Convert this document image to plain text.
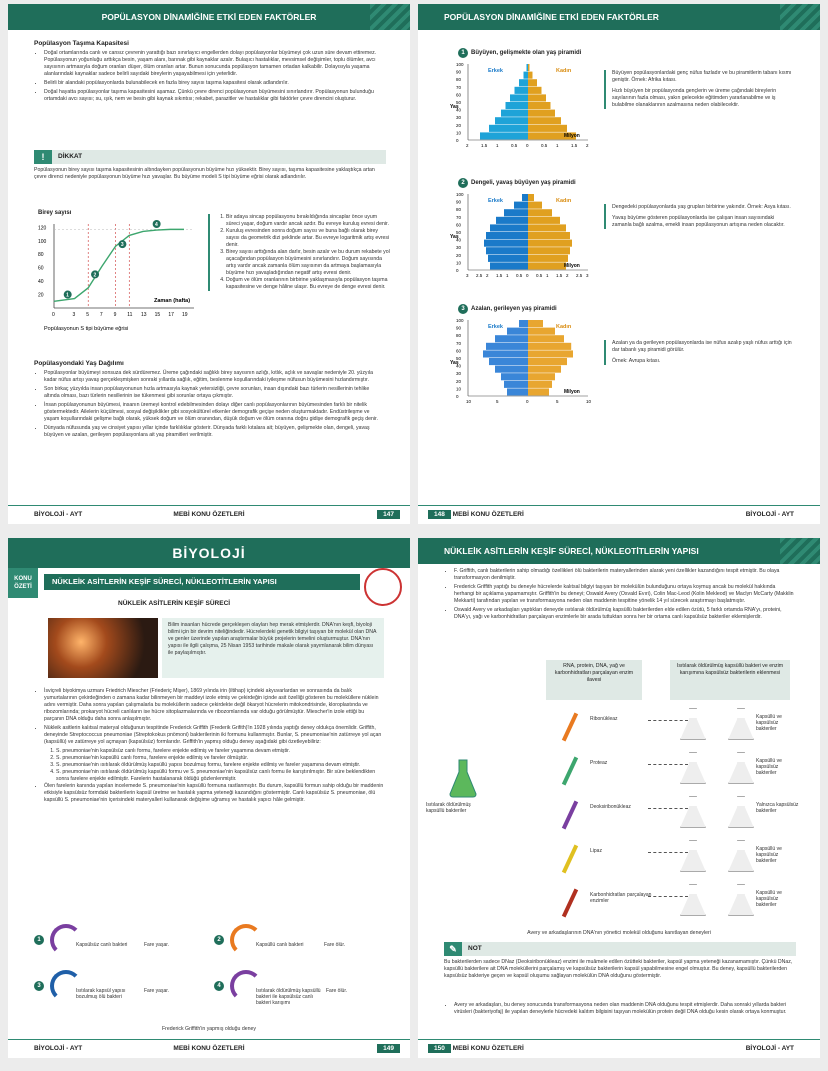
POPÜLASYON DİNAMİĞİNE ETKİ EDEN FAKTÖRLER
Popülasyon Taşıma Kapasitesi
• Doğal ortamlarında canlı ve cansız çevrenin yarattığı bazı sınırlayıcı engellerden dolayı popülasyonlar büyümeyi çok uzun süre devam ettiremez. Popülasyonun yoğunluğu arttıkça besin, yaşam alanı, barınak gibi kaynaklar azalır. Bulaşıcı hastalıklar, mevsimsel değişimler, toplu ölümler, avcı sayısının artmasıyla doğum oranları düşer, ölüm oranları artar. Bunun sonucunda popülasyon tamamen ortadan kalkabilir. Dolayısıyla yaşama alanlarındaki kaynaklar sadece belirli sayıdaki bireylerin yaşayabilmesi için yeterlidir.
• Belirli bir alandaki popülasyonlarda bulunabilecek en fazla birey sayısı taşıma kapasitesi olarak adlandırılır.
• Doğal hayatta popülasyonlar taşıma kapasitesini aşamaz. Çünkü çevre direnci popülasyonun büyümesini sınırlandırır. Popülasyonun bulunduğu ortamdaki avcı sayısı; su, ışık, nem ve besin gibi kaynak sıkıntısı; rekabet, parazitler ve hastalıklar gibi faktörler çevre direncini oluşturur.
!	DİKKAT
Popülasyonun birey sayısı taşıma kapasitesinin altındayken popülasyonun büyüme hızı yüksektir. Birey sayısı, taşıma kapasitesine yaklaştıkça artan çevre direnci nedeniyle popülasyonun büyüme hızı yavaşlar. Bu büyüme modeli S tipi büyüme eğrisi olarak adlandırılır.
Birey sayısı
0	3 5 7 9 11 13 15 17 19
20
40
60
80
100
120
1
2
3
4
Zaman (hafta)
Popülasyonun S tipi büyüme eğrisi
1. Bir adaya sincap popülasyonu bırakıldığında sincaplar önce uyum süreci yaşar, doğum vardır ancak azdır. Bu evreye kuruluş evresi denir.
2. Kuruluş evresinden sonra doğum sayısı ve buna bağlı olarak birey sayısı da geometrik dizi şeklinde artar. Bu evreye logaritmik artış evresi denir.
3. Birey sayısı arttığında alan darlır, besin azalır ve bu durum rekabete yol açacağından popülasyon büyümesini sınırlandırır. Doğum sayısında artış vardır ancak zamanla ölüm sayısının da artmaya başlamasıyla büyüme hızı yavaşladığından negatif artış evresi denir.
4. Doğum ve ölüm oranlarının birbirine yaklaşmasıyla popülasyon taşıma kapasitesine ve denge hâline ulaşır. Bu evreye de denge evresi denir.
Popülasyondaki Yaş Dağılımı
• Popülasyonlar büyümeyi sonsuza dek sürdüremez. Üreme çağındaki sağlıklı birey sayısının azlığı, kıtlık, açlık ve savaşlar nedeniyle 20. yüzyıla kadar nüfus artışı yavaş gerçekleşmişken sonraki yıllarda sağlık, eğitim, beslenme koşullarındaki iyileşme nüfusun büyümesini hızlandırmıştır.
• Son birkaç yüzyılda insan popülasyonunun hızla artmasıyla kaynak yetersizliği, çevre sorunları, insan dışındaki bazı türlerin nesillerinin tehlike altında olması, bazı türlerin nesillerinin ise tükenmesi gibi sorunlar ortaya çıkmıştır.
• İnsan popülasyonunun büyümesi, insanın üremeyi kontrol edebilmesinden dolayı diğer canlı popülasyonlarının büyümesinden farklı bir nitelik göstermektedir. Ailelerin küçülmesi, sosyal değişiklikler gibi sosyokültürel etkenler demografik geçişe neden oluşturmaktadır. Endüstrileşme ve yaşam koşullarındaki gelişme bağlı olarak, yüksek doğum ve ölüm oranından, düşük doğum ve ölüm oranına doğru gidişe demografik geçiş denir.
• Dünyada nüfusunda yaş ve cinsiyet yapısı yıllar içinde farklılıklar gösterir. Dünyada farklı kıtalara ait; büyüyen, gelişmekte olan, dengeli, yavaş büyüyen ve azalan, gerileyen popülasyonlara ait yaş piramitleri verilmiştir.
BİYOLOJİ - AYT	MEBİ KONU ÖZETLERİ	147
POPÜLASYON DİNAMİĞİNE ETKİ EDEN FAKTÖRLER
1 Büyüyen, gelişmekte olan yaş piramidi
0
10
20
30
40
50
60
70
80
90
100
2	1.5 1	0.5 0	0.5 1	1.5 2
Erkek	Kadın
Yaş
Milyon
Büyüyen popülasyonlardaki genç nüfus fazladır ve bu piramitlerin tabanı kısmı geniştir. Örnek: Afrika kıtası.
Hızlı büyüyen bir popülasyonda gençlerin ve üreme çağındaki bireylerin sayılarının fazla olması, yakın gelecekte eğitimden yararlanabilme ve iş bulabilme olanaklarının azalmasına neden olabilecektir.
2 Dengeli, yavaş büyüyen yaş piramidi
0
10
20
30
40
50
60
70
80
90
100
3 2.5 2 1.5 1 0.5 0 0.5 1 1.5 2 2.5 3
Erkek	Kadın
Yaş
Milyon
Dengedeki popülasyonlarda yaş grupları birbirine yakındır. Örnek: Asya kıtası.
Yavaş büyüme gösteren popülasyonlarda ise çalışan insan sayısındaki zamanla bağlı azalma, emekli insan popülasyonun artışına neden olacaktır.
3 Azalan, gerileyen yaş piramidi
0
10
20
30
40
50
60
70
80
90
100
10	5	0	5	10
Erkek	Kadın
Yaş
Milyon
Azalan ya da gerileyen popülasyonlarda ise nüfus azalıp yaşlı nüfus arttığı için dar tabanlı yaş piramidi görülür.
Örnek: Avrupa kıtası.
148 MEBİ KONU ÖZETLERİ	BİYOLOJİ - AYT
BİYOLOJİ
KONU
ÖZETİ
NÜKLEİK ASİTLERİN KEŞİF SÜRECİ, NÜKLEOTİTLERİN YAPISI
NÜKLEİK ASİTLERİN KEŞİF SÜRECİ
Bilim insanları hücrede gerçekleşen olayları hep merak etmişlerdir. DNA'nın keşfi, biyoloji bilimi için bir devrim niteliğindedir. Hücrelerdeki genetik bilgiyi taşıyan bir molekül olan DNA ve genler üzerinde yapılan araştırmalar büyük projelerin temelini oluşturmuştur. DNA'nın yapısı ile ilgili çalışma, 25 Nisan 1953 tarihinde makale olarak yayımlanarak bilim dünyası ile paylaşılmıştır.
• İsviçreli biyokimya uzmanı Friedrich Miescher (Friederiç Mişer), 1869 yılında irin (iltihap) içindeki akyuvarlardan ve sonrasında da balık yumurtalarının çekirdeğinden o zamana kadar bilinmeyen bir maddeyi izole etmiş ve çekirdeğin içinde asit özelliği gösteren bu moleküllere nüklein adını vermiştir. Daha sonra yapılan çalışmalarla bu moleküllerin sadece çekirdekte değil ökaryot hücrelerin mitokondrisinde, kloroplastında ve ribozomlarında; prokaryot hücreli canlıların ise hücre sitoplazmalarında ve ribozomlarında var olduğu görülmüştür. Miescher'in izole ettiği bu parçanın DNA olduğu daha sonra anlaşılmıştır.
• Nükleik asitlerin kalıtsal materyal olduğunun tespitinde Frederick Griffith (Frederik Grifith)'in 1928 yılında yaptığı deney oldukça önemlidir. Griffith, deneyinde Streptococcus pneumoniae (Streptokokus pnömoni) bakterilerinin iki formunu kullanmıştır. Bunlar, S. pneumoniae'nin zatürreye yol açan (kapsüllü) ve zatürreye yol açmayan (kapsülsüz) formlarıdır. Griffith'in yapmış olduğu deney aşağıdaki gibi özetleyebiliriz:
1. S. pneumoniae'nin kapsülsüz canlı formu, farelere enjekte edilmiş ve fareler yaşamına devam etmiştir.
2. S. pneumoniae'nin kapsüllü canlı formu, farelere enjekte edilmiş ve fareler ölmüştür.
3. S. pneumoniae'nin ısıtılarak öldürülmüş kapsüllü yapısı bozulmuş formu, farelere enjekte edilmiş ve fareler yaşamına devam etmiştir.
4. S. pneumoniae'nin ısıtılarak öldürülmüş kapsüllü formu ve S. pneumoniae'nin kapsülsüz canlı formu ile karıştırılmıştır. Bir süre beklendikten sonra farelere enjekte edilmiştir. Farelerin hastalanarak öldüğü gözlenlenmiştir.
• Ölen farelerin kanında yapılan incelemede S. pneumoniae'nin kapsüllü formuna rastlanmıştır. Bu durum, kapsüllü formun sahip olduğu bir maddenin etkisiyle kapsülsüz formdaki bakterilerin kapsül üretme ve hastalık yapma yeteneği kazandığını göstermiştir. Canlı kapsülsüz S. pneumoniae, ölü kapsüllü S. pneumoniae'nin içerisindeki materyalleri kullanarak değişime uğramış ve hastalık yapıcı hâle gelmiştir.
1
Kapsülsüz canlı bakteri	Fare yaşar.
2
Kapsüllü canlı bakteri	Fare ölür.
3
Isıtılarak kapsül yapısı bozulmuş ölü bakteri
Fare yaşar.
4
Isıtılarak öldürülmüş kapsüllü bakteri ile kapsülsüz canlı bakteri karışımı
Fare ölür.
Frederick Griffith'in yapmış olduğu deney
BİYOLOJİ - AYT	MEBİ KONU ÖZETLERİ	149
NÜKLEİK ASİTLERİN KEŞİF SÜRECİ, NÜKLEOTİTLERİN YAPISI
• F. Griffith, canlı bakterilerin sahip olmadığı özellikleri ölü bakterilerin materyallerinden alarak yeni özellikler kazandığını tespit etmiştir. Bu olaya transformasyon denilmiştir.
• Frederick Griffith yaptığı bu deneyle hücrelerde kalıtsal bilgiyi taşıyan bir molekülün bulunduğunu ortaya koymuş ancak bu molekül hakkında herhangi bir açıklama yapamamıştır. Griffith'in bu deneyi; Oswald Avery (Osvald Evıri), Colin Mac-Leod (Kolin Mekleod) ve Maclyn McCarty (Makklin Mekkarti) tarafından yapılan ve transformasyona neden olan maddenin tespitine yönelik 14 yıl sürecek araştırmayı başlatmıştır.
• Oswald Avery ve arkadaşları yaptıkları deneyde ısıtılarak öldürülmüş kapsüllü bakterilerden elde edilen özütü, 5 farklı ortamda RNA'yı, proteini, DNA'yı, yağı ve karbonhidratları parçalayan enzimlerle bir arada tuttuktan sonra her bir ortama canlı kapsülsüz bakteriler eklemişlerdir.
RNA, protein, DNA, yağ ve karbonhidratları parçalayan enzim ilavesi
Isıtılarak öldürülmüş kapsüllü bakteri ve enzim karışımına kapsülsüz bakterilerin eklenmesi
Isıtılarak öldürülmüş kapsüllü bakteriler
Ribonükleaz	Kapsüllü ve kapsülsüz bakteriler
Proteaz	Kapsüllü ve kapsülsüz bakteriler
Deoksiribonükleaz	Yalnızca kapsülsüz bakteriler
Lipaz	Kapsüllü ve kapsülsüz bakteriler
Karbonhidratları parçalayan enzimler
Kapsüllü ve kapsülsüz bakteriler
Avery ve arkadaşlarının DNA'nın yönetici molekül olduğunu kanıtlayan deneyleri
✎	NOT
Bu bakterilerden sadece DNaz (Deoksiribonükleaz) enzimi ile muâmele edilen özütteki bakteriler, kapsül yapma yeteneği kazanamamıştır. Çünkü DNaz, kapsüllü bakterilere ait DNA moleküllerini parçalamış ve kapsülsüz bakterilerin kapsül yapabilmesine engel olmuştur. Bu deney, kapsüllü bakterilerden kapsülsüz bakteriye geçen ve kapsül oluşumu sağlayan molekülün DNA olduğunu göstermiştir.
• Avery ve arkadaşları, bu deney sonucunda transformasyona neden olan maddenin DNA olduğunu tespit etmişlerdir. Daha sonraki yıllarda bakteri virüsleri (bakteriyofaj) ile yapılan deneylerle hücredeki kalıtım bilgisini taşıyan molekülün protein değil DNA olduğu kesin olarak ortaya konmuştur.
150 MEBİ KONU ÖZETLERİ	BİYOLOJİ - AYT
